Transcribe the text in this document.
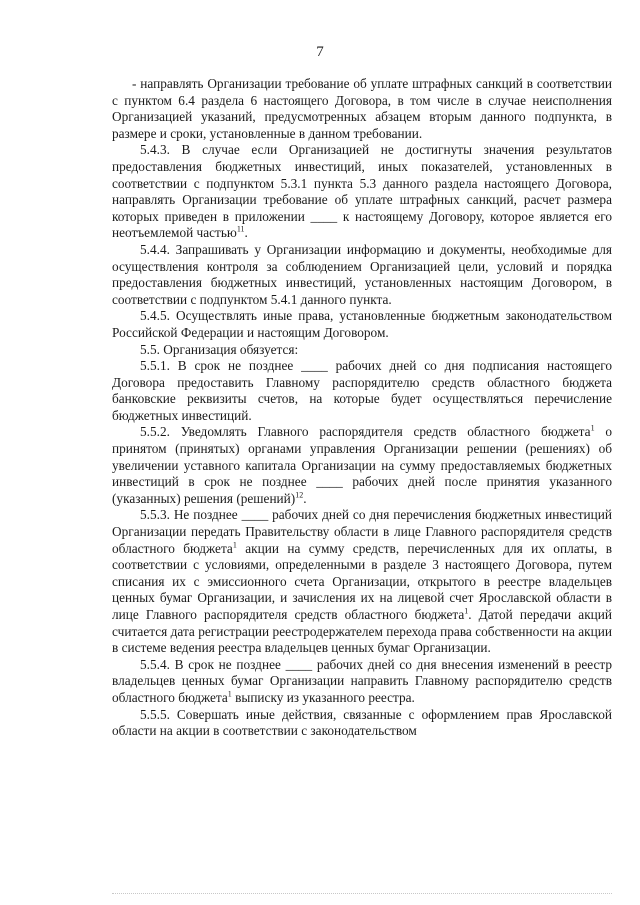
7

- направлять Организации требование об уплате штрафных санкций в соответствии с пунктом 6.4 раздела 6 настоящего Договора, в том числе в случае неисполнения Организацией указаний, предусмотренных абзацем вторым данного подпункта, в размере и сроки, установленные в данном требовании.

5.4.3. В случае если Организацией не достигнуты значения результатов предоставления бюджетных инвестиций, иных показателей, установленных в соответствии с подпунктом 5.3.1 пункта 5.3 данного раздела настоящего Договора, направлять Организации требование об уплате штрафных санкций, расчет размера которых приведен в приложении ____ к настоящему Договору, которое является его неотъемлемой частью$^{11}$.

5.4.4. Запрашивать у Организации информацию и документы, необходимые для осуществления контроля за соблюдением Организацией цели, условий и порядка предоставления бюджетных инвестиций, установленных настоящим Договором, в соответствии с подпунктом 5.4.1 данного пункта.

5.4.5. Осуществлять иные права, установленные бюджетным законодательством Российской Федерации и настоящим Договором.

5.5. Организация обязуется:

5.5.1. В срок не позднее ____ рабочих дней со дня подписания настоящего Договора предоставить Главному распорядителю средств областного бюджета банковские реквизиты счетов, на которые будет осуществляться перечисление бюджетных инвестиций.

5.5.2. Уведомлять Главного распорядителя средств областного бюджета$^1$ о принятом (принятых) органами управления Организации решении (решениях) об увеличении уставного капитала Организации на сумму предоставляемых бюджетных инвестиций в срок не позднее ____ рабочих дней после принятия указанного (указанных) решения (решений)$^{12}$.

5.5.3. Не позднее ____ рабочих дней со дня перечисления бюджетных инвестиций Организации передать Правительству области в лице Главного распорядителя средств областного бюджета$^1$ акции на сумму средств, перечисленных для их оплаты, в соответствии с условиями, определенными в разделе 3 настоящего Договора, путем списания их с эмиссионного счета Организации, открытого в реестре владельцев ценных бумаг Организации, и зачисления их на лицевой счет Ярославской области в лице Главного распорядителя средств областного бюджета$^1$. Датой передачи акций считается дата регистрации реестродержателем перехода права собственности на акции в системе ведения реестра владельцев ценных бумаг Организации.

5.5.4. В срок не позднее ____ рабочих дней со дня внесения изменений в реестр владельцев ценных бумаг Организации направить Главному распорядителю средств областного бюджета$^1$ выписку из указанного реестра.

5.5.5. Совершать иные действия, связанные с оформлением прав Ярославской области на акции в соответствии с законодательством
